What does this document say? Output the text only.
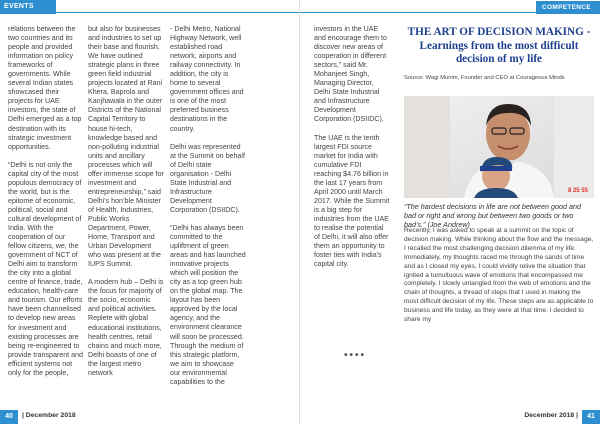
EVENTS

relations between the two countries and its people and provided information on policy frameworks of governments. While several Indian states showcased their projects for UAE investors, the state of Delhi emerged as a top destination with its strategic investment opportunities.

“Delhi is not only the capital city of the most populous democracy of the world, but is the epitome of economic, political, social and cultural development of India. With the cooperation of our fellow citizens, we, the government of NCT of Delhi aim to transform the city into a global centre of finance, trade, education, health-care and tourism. Our efforts have been channelised to develop new areas for investment and existing processes are being re-engineered to provide transparent and efficient systems not only for the people,

but also for businesses and industries to set up their base and flourish. We have outlined strategic plans in three green field industrial projects located at Rani Khera, Baprola and Kanjhawala in the outer Districts of the National Capital Territory to house hi-tech, knowledge based and non-polluting industrial units and ancillary processes which will offer immense scope for investment and entrepreneurship,” said Delhi’s hon’ble Minister of Health, Industries, Public Works Department, Power, Home, Transport and Urban Development who was present at the IUPS Summit.

A modern hub – Delhi is the focus for majority of the socio, economic and political activities. Replete with global educational institutions, health centres, retail chains and much more, Delhi boasts of one of the largest metro network

- Delhi Metro, National Highway Network, well established road network, airports and railway connectivity. In addition, the city is home to several government offices and is one of the most preferred business destinations in the country.

Delhi was represented at the Summit on behalf of Delhi state organisation - Delhi State Industrial and Infrastructure Development Corporation (DSIIDC).

“Delhi has always been committed to the upliftment of green areas and has launched innovative projects which will position the city as a top green hub on the global map. The layout has been approved by the local agency, and the environment clearance will soon be processed. Through the medium of this strategic platform, we aim to showcase our environmental capabilities to the

40	| December 2018
COMPETENCE

investors in the UAE and encourage them to discover new areas of cooperation in different sectors,” said Mr. Mohanjeet Singh, Managing Director, Delhi State Industrial and Infrastructure Development Corporation (DSIIDC).

The UAE is the tenth largest FDI source market for India with cumulative FDI reaching $4.76 billion in the last 17 years from April 2000 until March 2017. While the Summit is a big step for industries from the UAE to realise the potential of Delhi, it will also offer them an opportunity to foster ties with India’s capital city.

••••
THE ART OF DECISION MAKING - Learnings from the most difficult decision of my life
Source: Wagi Munim, Founder and CEO at Courageous Minds
8 25 55
“The hardest decisions in life are not between good and bad or right and wrong but between two goods or two bad’s.” (Joe Andrew)
Recently, I was asked to speak at a summit on the topic of decision making. While thinking about the flow and the message, I recalled the most challenging decision dilemma of my life. Immediately, my thoughts raced me through the sands of time and as I closed my eyes, I could vividly relive the situation that ignited a tumultuous wave of emotions that encompassed me completely. I slowly untangled from the web of emotions and the chain of thoughts, a thread of steps that I used in making the most difficult decision of my life. These steps are as applicable to business and life today, as they were at that time. I decided to share my
December 2018 |	41
